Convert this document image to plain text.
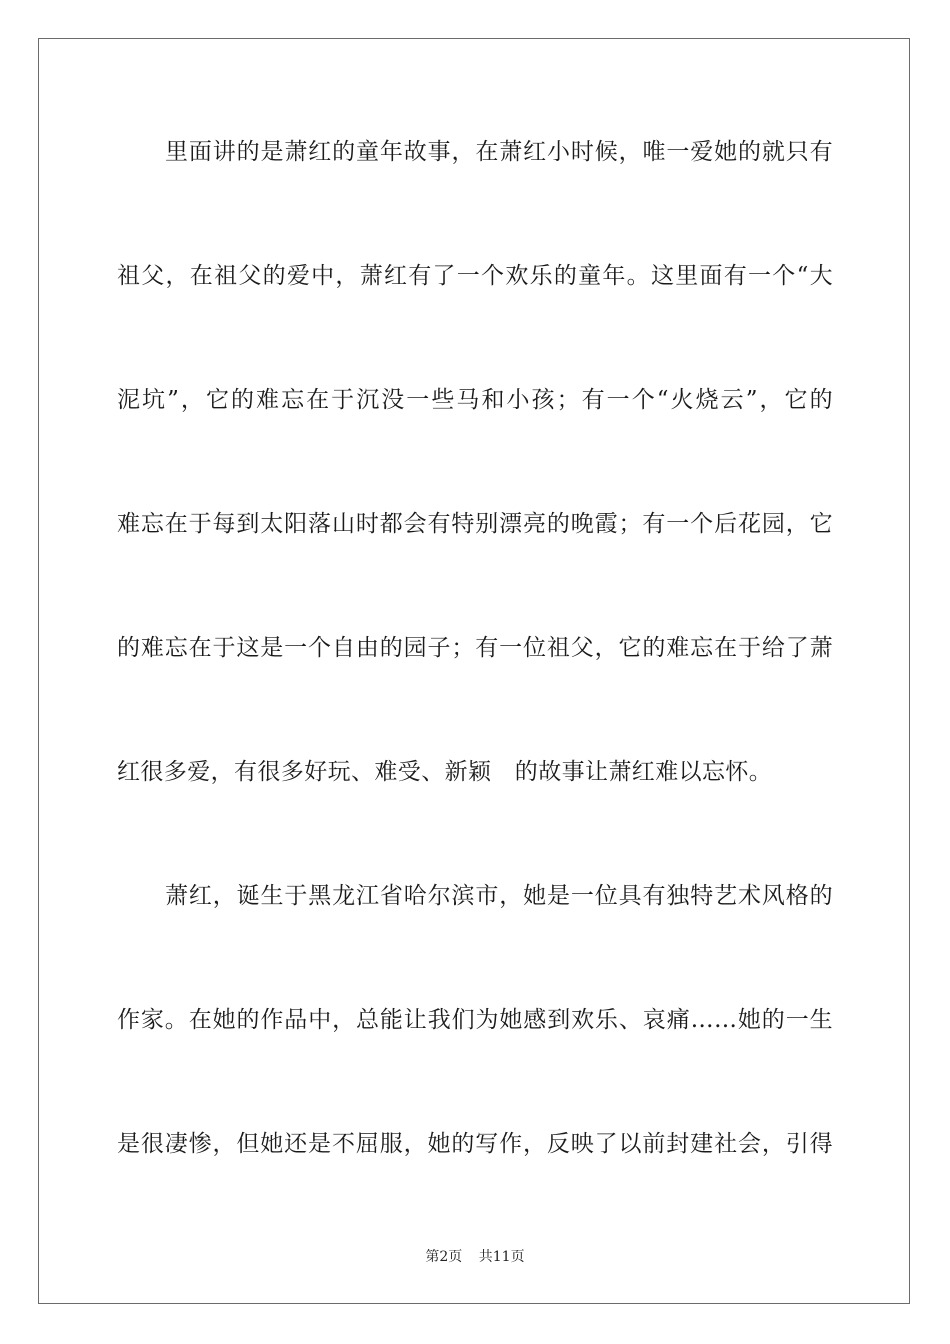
里面讲的是萧红的童年故事，在萧红小时候，唯一爱她的就只有
祖父，在祖父的爱中，萧红有了一个欢乐的童年。这里面有一个“大
泥坑”，它的难忘在于沉没一些马和小孩；有一个“火烧云”，它的
难忘在于每到太阳落山时都会有特别漂亮的晚霞；有一个后花园，它
的难忘在于这是一个自由的园子；有一位祖父，它的难忘在于给了萧
红很多爱，有很多好玩、难受、新颖　的故事让萧红难以忘怀。
萧红，诞生于黑龙江省哈尔滨市，她是一位具有独特艺术风格的
作家。在她的作品中，总能让我们为她感到欢乐、哀痛……她的一生
是很凄惨，但她还是不屈服，她的写作，反映了以前封建社会，引得
第2页 共11页
